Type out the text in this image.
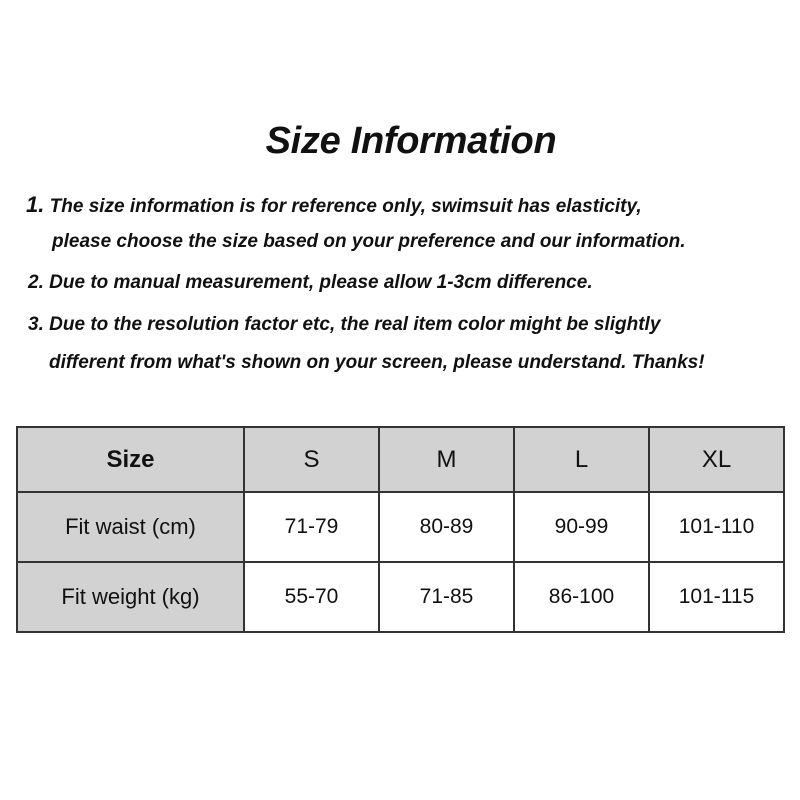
Size Information

1. The size information is for reference only, swimsuit has elasticity,

please choose the size based on your preference and our information.

2. Due to manual measurement, please allow 1-3cm difference.

3. Due to the resolution factor etc, the real item color might be slightly

different from what's shown on your screen, please understand. Thanks!

Size	S	M	L	XL
Fit waist (cm)	71-79	80-89	90-99	101-110
Fit weight (kg)	55-70	71-85	86-100	101-115
